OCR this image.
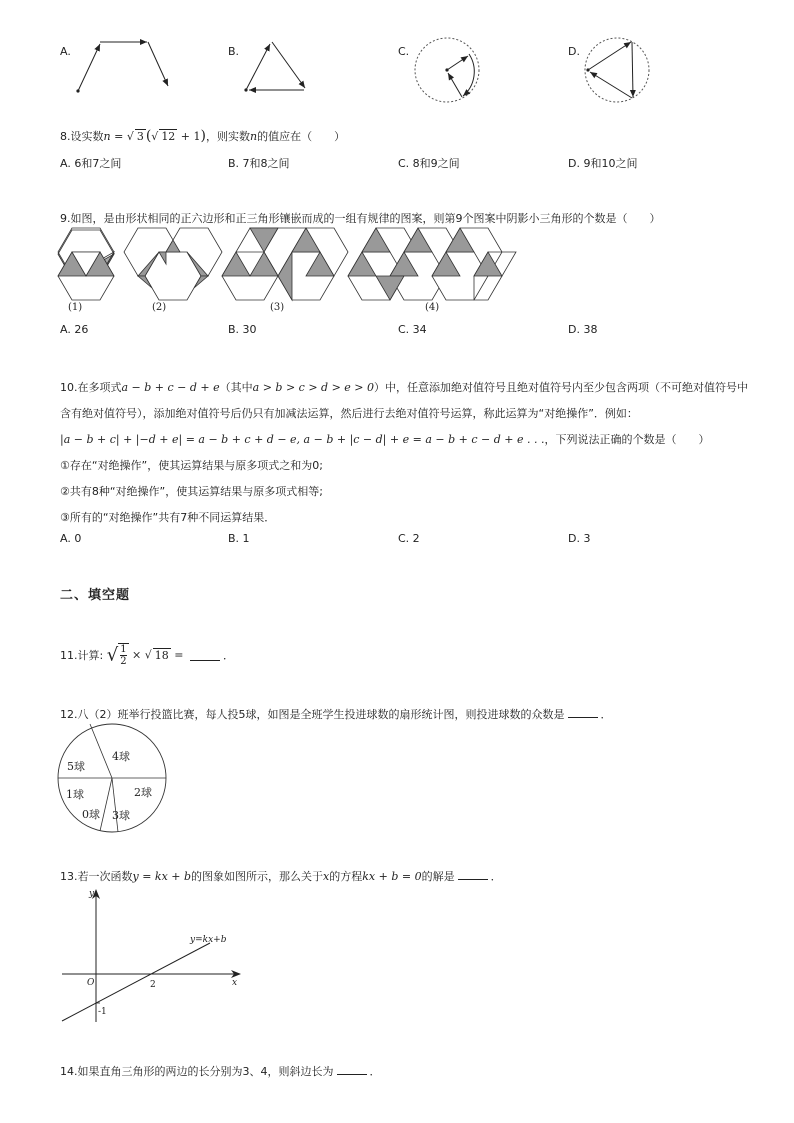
A.	B.	C.	D.
8.设实数n = √ 3 (√ 12 + 1)，则实数n的值应在（　　）
A. 6和7之间	B. 7和8之间	C. 8和9之间	D. 9和10之间
9.如图，是由形状相同的正六边形和正三角形镶嵌而成的一组有规律的图案，则第9个图案中阴影小三角形的个数是（　　）
(1)	(2)	(3)	(4)
A. 26	B. 30	C. 34	D. 38
10.在多项式a − b + c − d + e（其中a > b > c > d > e > 0）中，任意添加绝对值符号且绝对值符号内至少包含两项（不可绝对值符号中
含有绝对值符号），添加绝对值符号后仍只有加减法运算，然后进行去绝对值符号运算，称此运算为“对绝操作”．例如：
|a − b + c| + |−d + e| = a − b + c + d − e, a − b + |c − d| + e = a − b + c − d + e . . .，下列说法正确的个数是（　　）
①存在“对绝操作”，使其运算结果与原多项式之和为0;
②共有8种“对绝操作”，使其运算结果与原多项式相等;
③所有的“对绝操作”共有7种不同运算结果．
A. 0	B. 1	C. 2	D. 3
二、填空题
11.计算: √ $\frac{1}{2}$ × √ 18 =	．
12.八（2）班举行投篮比赛，每人投5球，如图是全班学生投进球数的扇形统计图，则投进球数的众数是	．
4球
5球
1球	2球
0球 3球
13.若一次函数y = kx + b的图象如图所示，那么关于x的方程kx + b = 0的解是	．
y
x
O	2
-1
y=kx+b
14.如果直角三角形的两边的长分别为3、4，则斜边长为	．
